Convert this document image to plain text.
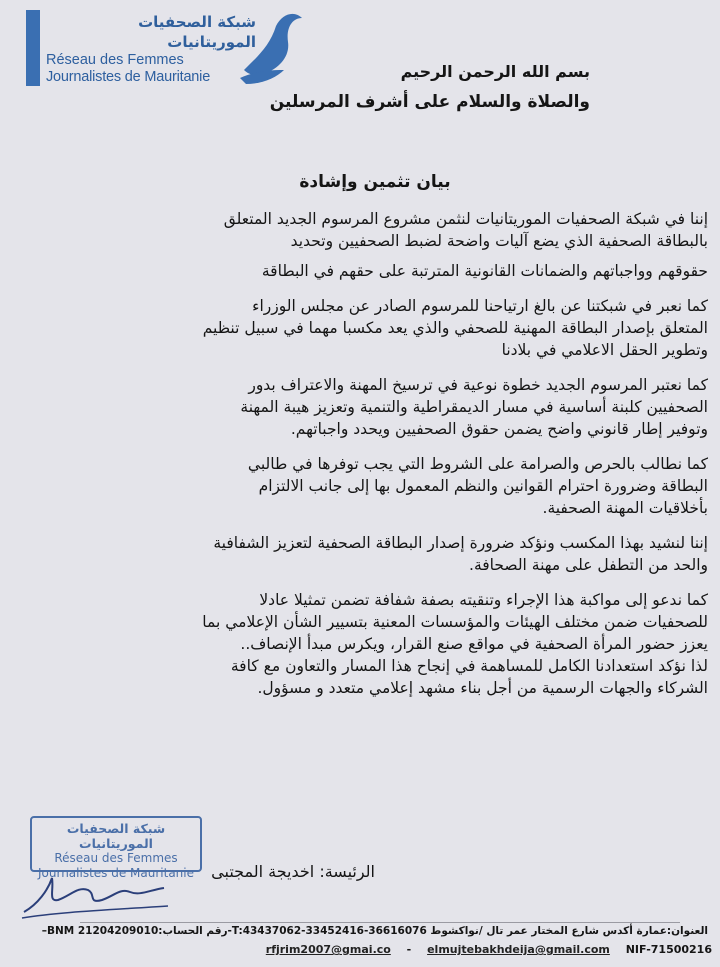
شبكة الصحفيات الموريتانيات
Réseau des Femmes
Journalistes de Mauritanie	بسم الله الرحمن الرحيم
والصلاة والسلام على أشرف المرسلين
بيان تثمين وإشادة
إننا في شبكة الصحفيات الموريتانيات لنثمن مشروع المرسوم الجديد المتعلق
بالبطاقة الصحفية الذي يضع آليات واضحة لضبط الصحفيين وتحديد
حقوقهم وواجباتهم والضمانات القانونية المترتبة على حقهم في البطاقة
كما نعبر في شبكتنا عن بالغ ارتياحنا للمرسوم الصادر عن مجلس الوزراء
المتعلق بإصدار البطاقة المهنية للصحفي والذي يعد مكسبا مهما في سبيل تنظيم
وتطوير الحقل الاعلامي في بلادنا
كما نعتبر المرسوم الجديد خطوة نوعية في ترسيخ المهنة والاعتراف بدور
الصحفيين كلبنة أساسية في مسار الديمقراطية والتنمية وتعزيز هيبة المهنة
وتوفير إطار قانوني واضح يضمن حقوق الصحفيين ويحدد واجباتهم.
كما نطالب بالحرص والصرامة على الشروط التي يجب توفرها في طالبي
البطاقة وضرورة احترام القوانين والنظم المعمول بها إلى جانب الالتزام
بأخلاقيات المهنة الصحفية.
إننا لنشيد بهذا المكسب ونؤكد ضرورة إصدار البطاقة الصحفية لتعزيز الشفافية
والحد من التطفل على مهنة الصحافة.
كما ندعو إلى مواكبة هذا الإجراء وتنقيته بصفة شفافة تضمن تمثيلا عادلا
للصحفيات ضمن مختلف الهيئات والمؤسسات المعنية بتسيير الشأن الإعلامي بما
يعزز حضور المرأة الصحفية في مواقع صنع القرار، ويكرس مبدأ الإنصاف..
لذا نؤكد استعدادنا الكامل للمساهمة في إنجاح هذا المسار والتعاون مع كافة
الشركاء والجهات الرسمية من أجل بناء مشهد إعلامي متعدد و مسؤول.
شبكة الصحفيات الموريتانيات
Réseau des Femmes
Journalistes de Mauritanie	الرئيسة: اخديجة المجتبى
العنوان:عمارة أكدس شارع المختار عمر تال /نواكشوط T:43437062-33452416-36616076-رقم الحساب:BNM 21204209010–
rfjrim2007@gmai.co - elmujtebakhdeija@gmail.com NIF-71500216
